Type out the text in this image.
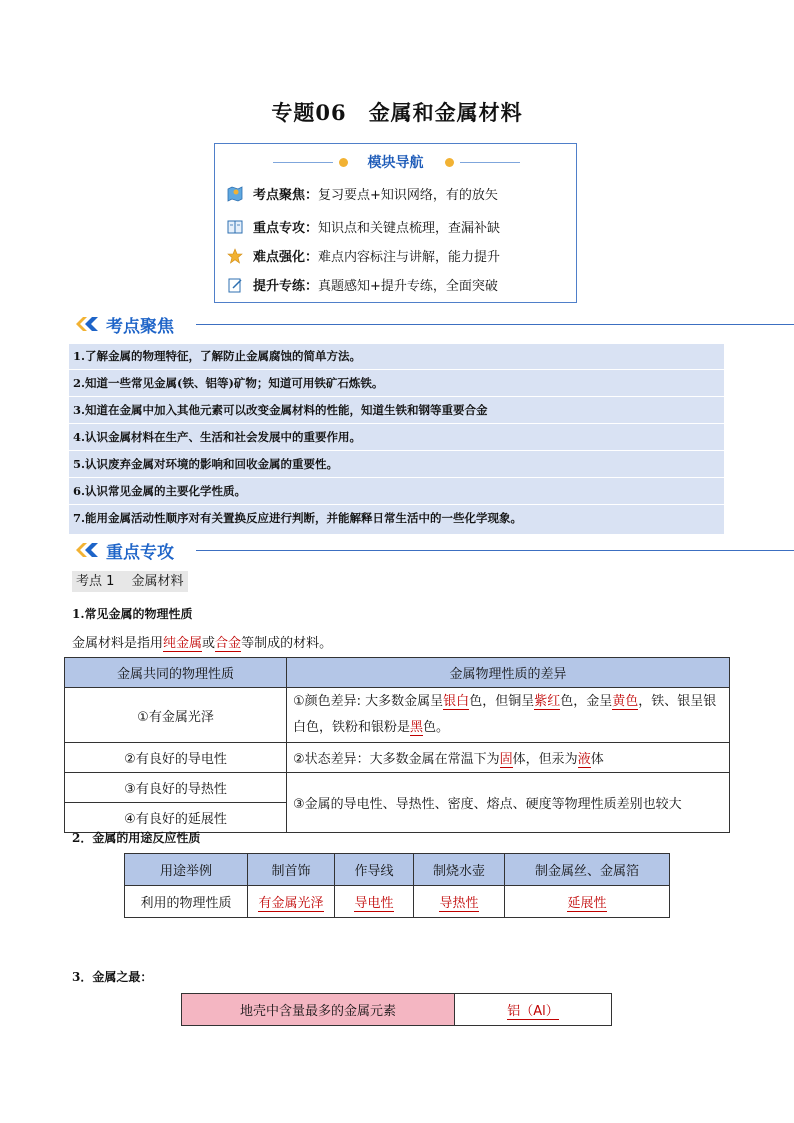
专题06　金属和金属材料
模块导航
考点聚焦： 复习要点+知识网络，有的放矢
重点专攻： 知识点和关键点梳理，查漏补缺
难点强化： 难点内容标注与讲解，能力提升
提升专练： 真题感知+提升专练，全面突破
考点聚焦
1.了解金属的物理特征，了解防止金属腐蚀的简单方法。
2.知道一些常见金属(铁、铝等)矿物；知道可用铁矿石炼铁。
3.知道在金属中加入其他元素可以改变金属材料的性能，知道生铁和钢等重要合金
4.认识金属材料在生产、生活和社会发展中的重要作用。
5.认识废弃金属对环境的影响和回收金属的重要性。
6.认识常见金属的主要化学性质。
7.能用金属活动性顺序对有关置换反应进行判断，并能解释日常生活中的一些化学现象。
重点专攻
考点 1　 金属材料
1.常见金属的物理性质
金属材料是指用纯金属或合金等制成的材料。
金属共同的物理性质	金属物理性质的差异
①有金属光泽	①颜色差异: 大多数金属呈银白色，但铜呈紫红色，金呈黄色，铁、银呈银白色，铁粉和银粉是黑色。
②有良好的导电性	②状态差异：大多数金属在常温下为固体，但汞为液体
③有良好的导热性	③金属的导电性、导热性、密度、熔点、硬度等物理性质差别也较大
④有良好的延展性	
2．金属的用途反应性质
用途举例	制首饰	作导线	制烧水壶	制金属丝、金属箔
利用的物理性质	有金属光泽	导电性	导热性	延展性
3．金属之最：
地壳中含量最多的金属元素	铝（Al）
